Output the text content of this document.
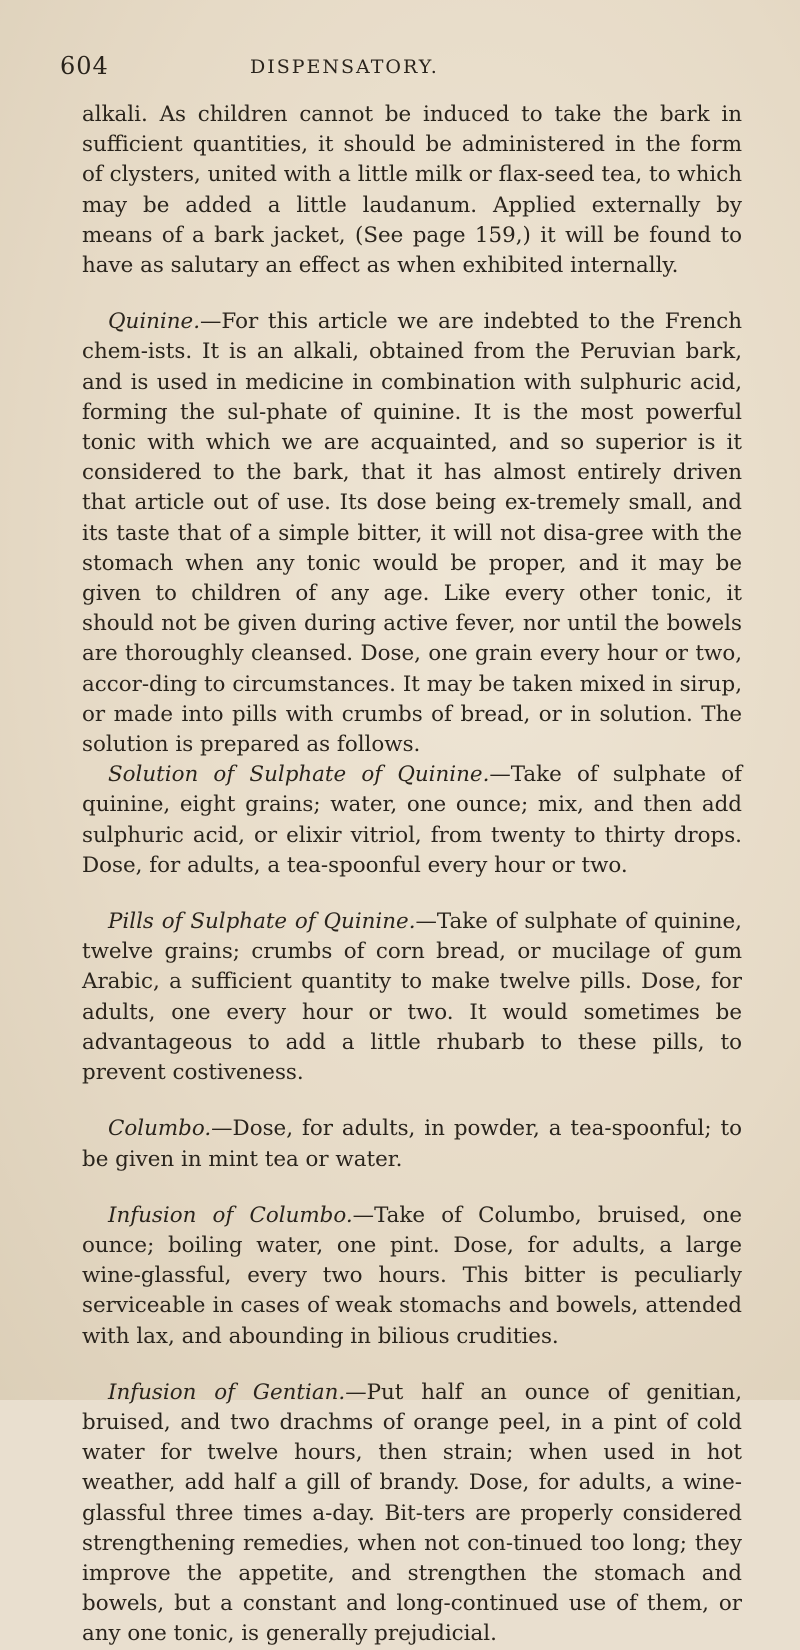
604	DISPENSATORY.

alkali. As children cannot be induced to take the bark in sufficient quantities, it should be administered in the form of clysters, united with a little milk or flax-seed tea, to which may be added a little laudanum. Applied externally by means of a bark jacket, (See page 159,) it will be found to have as salutary an effect as when exhibited internally.

Quinine.—For this article we are indebted to the French chem-ists. It is an alkali, obtained from the Peruvian bark, and is used in medicine in combination with sulphuric acid, forming the sul-phate of quinine. It is the most powerful tonic with which we are acquainted, and so superior is it considered to the bark, that it has almost entirely driven that article out of use. Its dose being ex-tremely small, and its taste that of a simple bitter, it will not disa-gree with the stomach when any tonic would be proper, and it may be given to children of any age. Like every other tonic, it should not be given during active fever, nor until the bowels are thoroughly cleansed. Dose, one grain every hour or two, accor-ding to circumstances. It may be taken mixed in sirup, or made into pills with crumbs of bread, or in solution. The solution is prepared as follows.

Solution of Sulphate of Quinine.—Take of sulphate of quinine, eight grains; water, one ounce; mix, and then add sulphuric acid, or elixir vitriol, from twenty to thirty drops. Dose, for adults, a tea-spoonful every hour or two.

Pills of Sulphate of Quinine.—Take of sulphate of quinine, twelve grains; crumbs of corn bread, or mucilage of gum Arabic, a sufficient quantity to make twelve pills. Dose, for adults, one every hour or two. It would sometimes be advantageous to add a little rhubarb to these pills, to prevent costiveness.

Columbo.—Dose, for adults, in powder, a tea-spoonful; to be given in mint tea or water.

Infusion of Columbo.—Take of Columbo, bruised, one ounce; boiling water, one pint. Dose, for adults, a large wine-glassful, every two hours. This bitter is peculiarly serviceable in cases of weak stomachs and bowels, attended with lax, and abounding in bilious crudities.

Infusion of Gentian.—Put half an ounce of genitian, bruised, and two drachms of orange peel, in a pint of cold water for twelve hours, then strain; when used in hot weather, add half a gill of brandy. Dose, for adults, a wine-glassful three times a-day. Bit-ters are properly considered strengthening remedies, when not con-tinued too long; they improve the appetite, and strengthen the stomach and bowels, but a constant and long-continued use of them, or any one tonic, is generally prejudicial.
